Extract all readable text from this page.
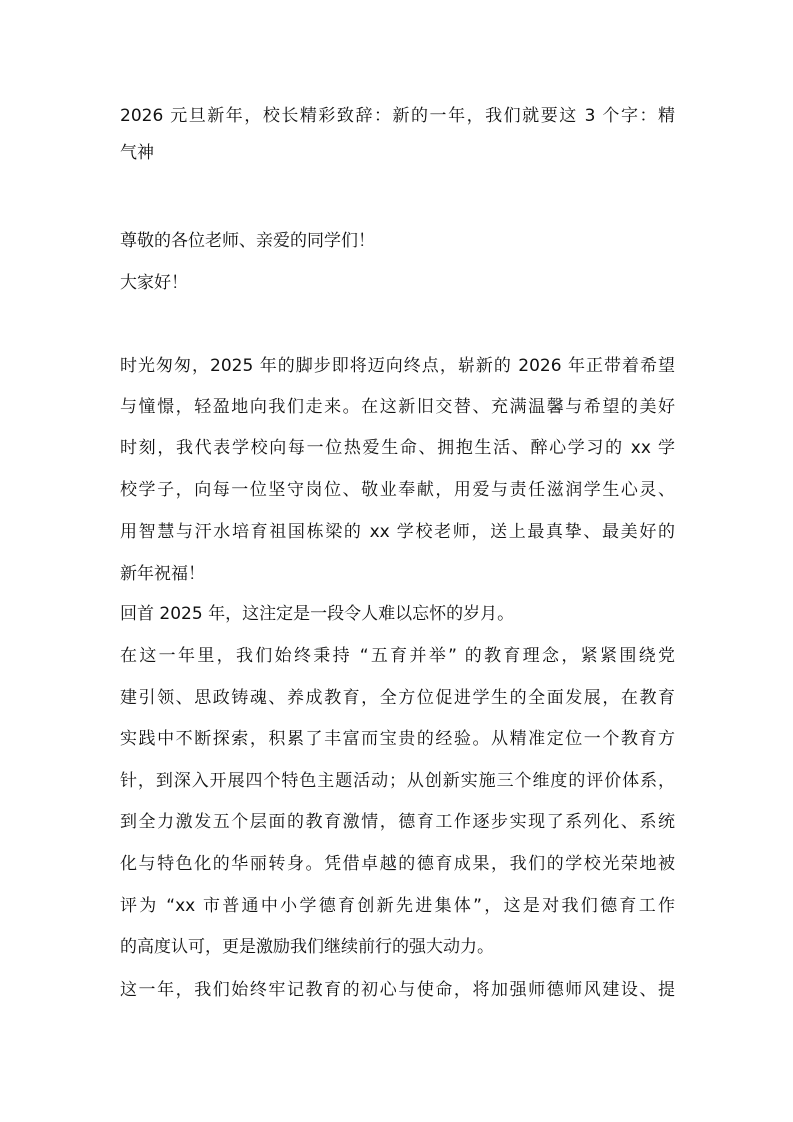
2026 元旦新年，校长精彩致辞：新的一年，我们就要这 3 个字：精
气神
尊敬的各位老师、亲爱的同学们！
大家好！
时光匆匆，2025 年的脚步即将迈向终点，崭新的 2026 年正带着希望
与憧憬，轻盈地向我们走来。在这新旧交替、充满温馨与希望的美好
时刻，我代表学校向每一位热爱生命、拥抱生活、醉心学习的 xx 学
校学子，向每一位坚守岗位、敬业奉献，用爱与责任滋润学生心灵、
用智慧与汗水培育祖国栋梁的 xx 学校老师，送上最真挚、最美好的
新年祝福！
回首 2025 年，这注定是一段令人难以忘怀的岁月。
在这一年里，我们始终秉持 “五育并举” 的教育理念，紧紧围绕党
建引领、思政铸魂、养成教育，全方位促进学生的全面发展，在教育
实践中不断探索，积累了丰富而宝贵的经验。从精准定位一个教育方
针，到深入开展四个特色主题活动；从创新实施三个维度的评价体系，
到全力激发五个层面的教育激情，德育工作逐步实现了系列化、系统
化与特色化的华丽转身。凭借卓越的德育成果，我们的学校光荣地被
评为 “xx 市普通中小学德育创新先进集体”，这是对我们德育工作
的高度认可，更是激励我们继续前行的强大动力。
这一年，我们始终牢记教育的初心与使命，将加强师德师风建设、提
